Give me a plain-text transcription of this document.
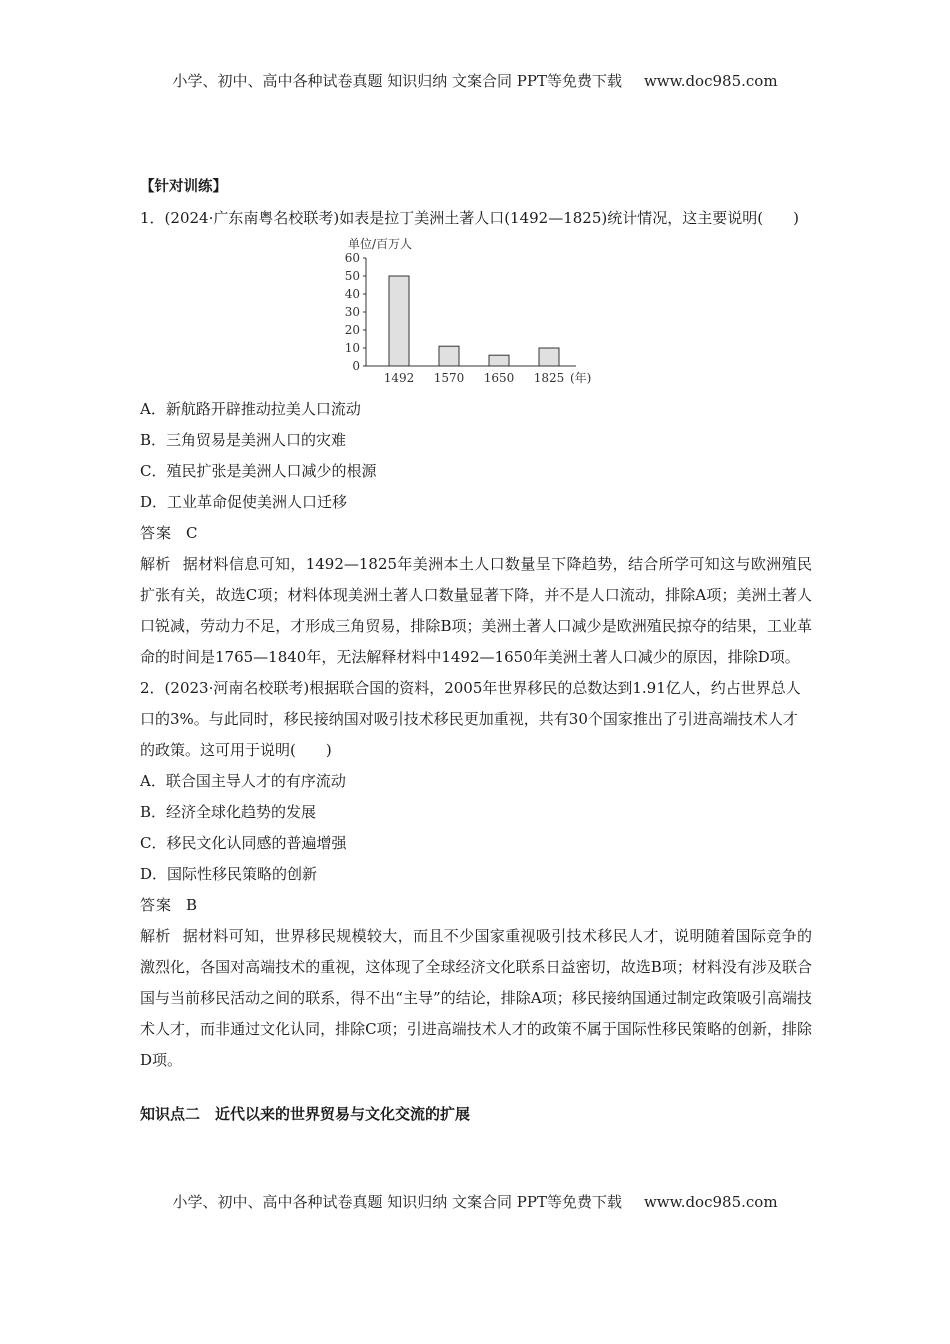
小学、初中、高中各种试卷真题 知识归纳 文案合同 PPT等免费下载 www.doc985.com

【针对训练】

1．(2024·广东南粤名校联考)如表是拉丁美洲土著人口(1492—1825)统计情况，这主要说明(　　)

单位/百万人
0
10
20
30
40
50
60
1492 1570 1650 1825 (年)

A．新航路开辟推动拉美人口流动

B．三角贸易是美洲人口的灾难

C．殖民扩张是美洲人口减少的根源

D．工业革命促使美洲人口迁移

答案 C

解析 据材料信息可知，1492—1825年美洲本土人口数量呈下降趋势，结合所学可知这与欧洲殖民扩张有关，故选C项；材料体现美洲土著人口数量显著下降，并不是人口流动，排除A项；美洲土著人口锐减，劳动力不足，才形成三角贸易，排除B项；美洲土著人口减少是欧洲殖民掠夺的结果，工业革命的时间是1765—1840年，无法解释材料中1492—1650年美洲土著人口减少的原因，排除D项。

2．(2023·河南名校联考)根据联合国的资料，2005年世界移民的总数达到1.91亿人，约占世界总人口的3%。与此同时，移民接纳国对吸引技术移民更加重视，共有30个国家推出了引进高端技术人才的政策。这可用于说明(　　)

A．联合国主导人才的有序流动

B．经济全球化趋势的发展

C．移民文化认同感的普遍增强

D．国际性移民策略的创新

答案 B

解析 据材料可知，世界移民规模较大，而且不少国家重视吸引技术移民人才，说明随着国际竞争的激烈化，各国对高端技术的重视，这体现了全球经济文化联系日益密切，故选B项；材料没有涉及联合国与当前移民活动之间的联系，得不出“主导”的结论，排除A项；移民接纳国通过制定政策吸引高端技术人才，而非通过文化认同，排除C项；引进高端技术人才的政策不属于国际性移民策略的创新，排除D项。

知识点二　近代以来的世界贸易与文化交流的扩展

小学、初中、高中各种试卷真题 知识归纳 文案合同 PPT等免费下载 www.doc985.com
